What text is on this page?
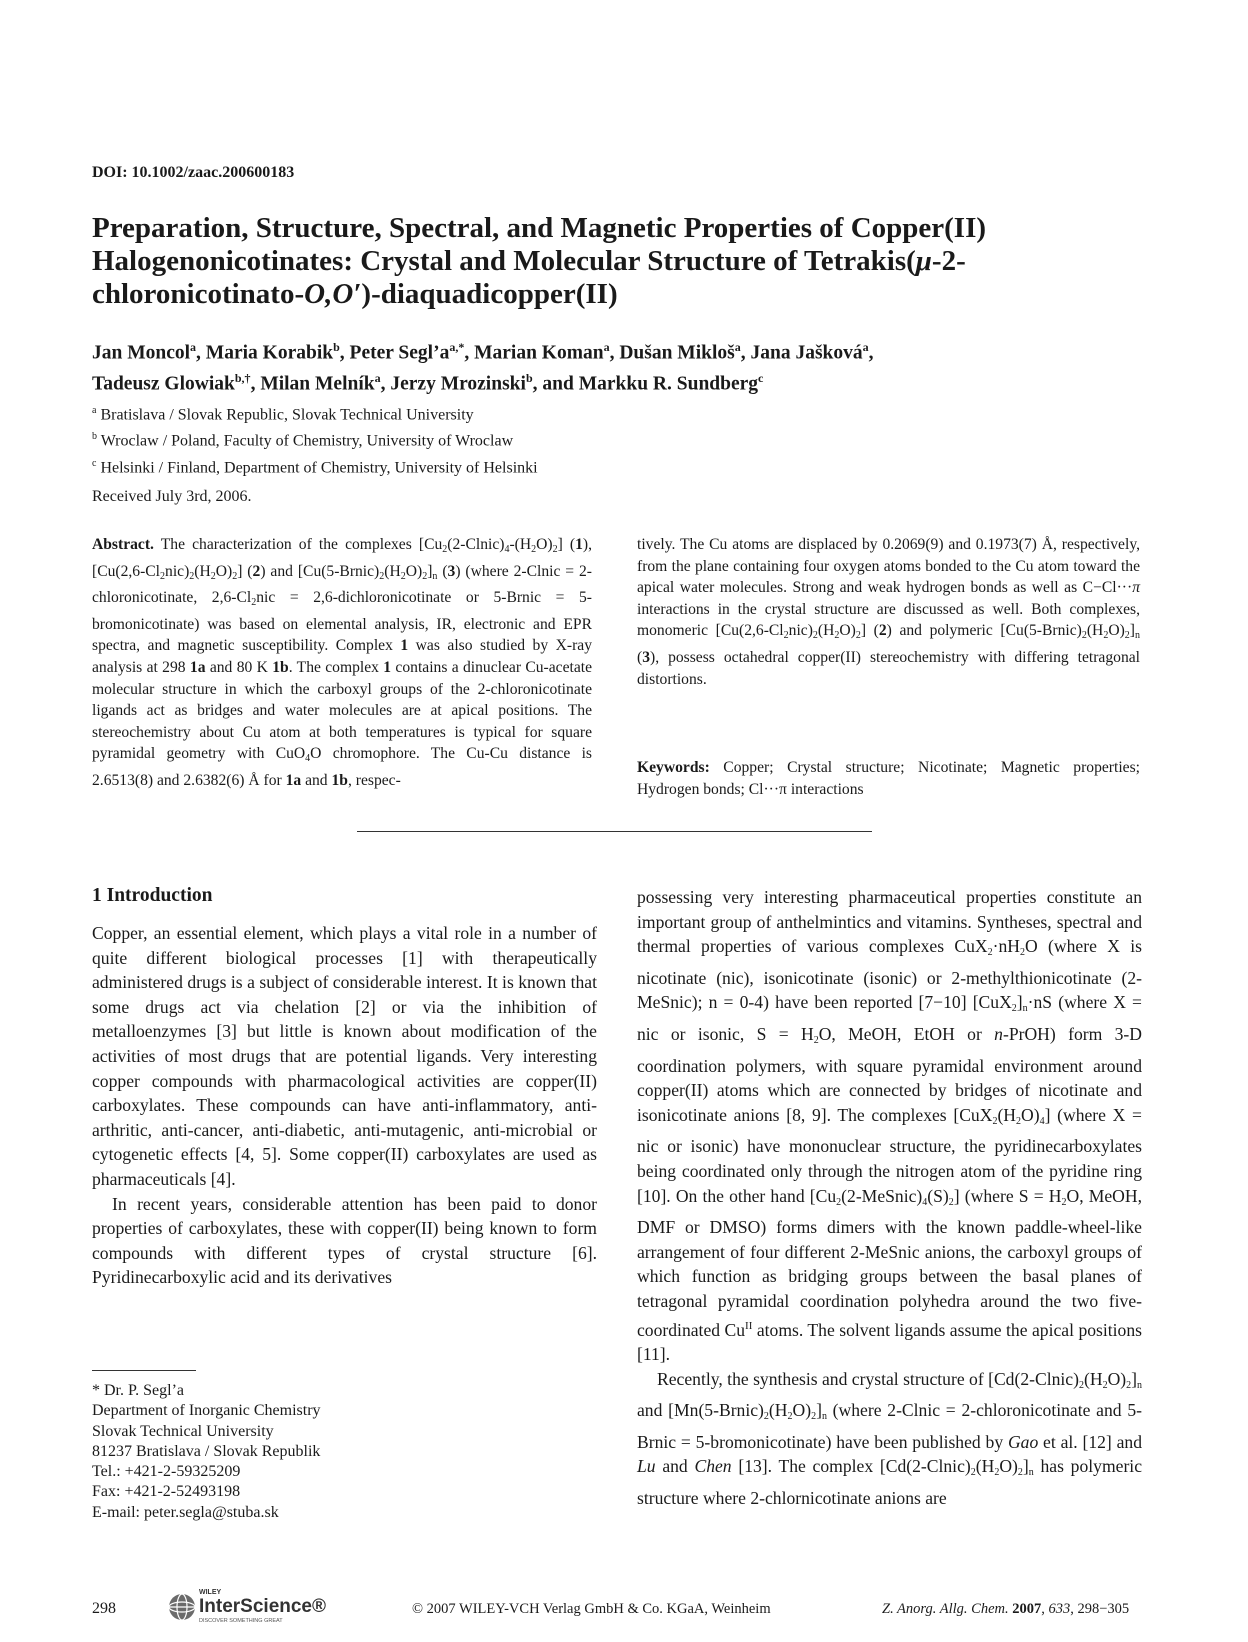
DOI: 10.1002/zaac.200600183
Preparation, Structure, Spectral, and Magnetic Properties of Copper(II)
Halogenonicotinates: Crystal and Molecular Structure of Tetrakis(μ-2-
chloronicotinato-O,O′)-diaquadicopper(II)
Jan Moncol$^a$, Maria Korabik$^b$, Peter $Segl’a^{a,*}$, Marian Koman$^a$, Dušan Mikloš$^a$, Jana Jašková$^a$,
Tadeusz Glowiak$^{b,\dagger}$, Milan Melník$^a$, Jerzy Mrozinski$^b$, and Markku R. Sundberg$^c$
$^a$ Bratislava / Slovak Republic, Slovak Technical University
$^b$ Wroclaw / Poland, Faculty of Chemistry, University of Wroclaw
$^c$ Helsinki / Finland, Department of Chemistry, University of Helsinki
Received July 3rd, 2006.
Abstract. The characterization of the complexes $[Cu_2(2-Clnic)_4-(H_2O)_2]$ (1), $[Cu(2,6-Cl_2nic)_2(H_2O)_2]$ (2) and $[Cu(5-Brnic)_2(H_2O)_2]_n$ (3) (where 2-Clnic = 2-chloronicotinate, $2,6-Cl_2nic$ = 2,6-dichloronicotinate or 5-Brnic = 5-bromonicotinate) was based on elemental analysis, IR, electronic and EPR spectra, and magnetic susceptibility. Complex 1 was also studied by X-ray analysis at 298 1a and 80 K 1b. The complex 1 contains a dinuclear Cu-acetate molecular structure in which the carboxyl groups of the 2-chloronicotinate ligands act as bridges and water molecules are at apical positions. The stereochemistry about Cu atom at both temperatures is typical for square pyramidal geometry with CuO$_4$O chromophore. The Cu-Cu distance is 2.6513(8) and 2.6382(6) Å for 1a and 1b, respec-
tively. The Cu atoms are displaced by 0.2069(9) and 0.1973(7) Å, respectively, from the plane containing four oxygen atoms bonded to the Cu atom toward the apical water molecules. Strong and weak hydrogen bonds as well as C−Cl···π interactions in the crystal structure are discussed as well. Both complexes, monomeric $[Cu(2,6-Cl_2nic)_2(H_2O)_2]$ (2) and polymeric $[Cu(5-Brnic)_2(H_2O)_2]_n$ (3), possess octahedral copper(II) stereochemistry with differing tetragonal distortions.
Keywords: Copper; Crystal structure; Nicotinate; Magnetic properties; Hydrogen bonds; Cl···π interactions
1 Introduction

Copper, an essential element, which plays a vital role in a number of quite different biological processes [1] with therapeutically administered drugs is a subject of considerable interest. It is known that some drugs act via chelation [2] or via the inhibition of metalloenzymes [3] but little is known about modification of the activities of most drugs that are potential ligands. Very interesting copper compounds with pharmacological activities are copper(II) carboxylates. These compounds can have anti-inflammatory, anti-arthritic, anti-cancer, anti-diabetic, anti-mutagenic, anti-microbial or cytogenetic effects [4, 5]. Some copper(II) carboxylates are used as pharmaceuticals [4].

In recent years, considerable attention has been paid to donor properties of carboxylates, these with copper(II) being known to form compounds with different types of crystal structure [6]. Pyridinecarboxylic acid and its derivatives

possessing very interesting pharmaceutical properties constitute an important group of anthelmintics and vitamins. Syntheses, spectral and thermal properties of various complexes $CuX_2\cdot nH_2O$ (where X is nicotinate (nic), isonicotinate (isonic) or 2-methylthionicotinate (2-MeSnic); n = 0-4) have been reported [7−10] $[CuX_2]_n\cdot nS$ (where X = nic or isonic, $S = H_2O$, MeOH, EtOH or n-PrOH) form 3-D coordination polymers, with square pyramidal environment around copper(II) atoms which are connected by bridges of nicotinate and isonicotinate anions [8, 9]. The complexes $[CuX_2(H_2O)_4]$ (where X = nic or isonic) have mononuclear structure, the pyridinecarboxylates being coordinated only through the nitrogen atom of the pyridine ring [10]. On the other hand $[Cu_2(2-MeSnic)_4(S)_2]$ (where $S = H_2O$, MeOH, DMF or DMSO) forms dimers with the known paddle-wheel-like arrangement of four different 2-MeSnic anions, the carboxyl groups of which function as bridging groups between the basal planes of tetragonal pyramidal coordination polyhedra around the two five-coordinated $Cu^{II}$ atoms. The solvent ligands assume the apical positions [11].

Recently, the synthesis and crystal structure of $[Cd(2-Clnic)_2(H_2O)_2]_n$ and $[Mn(5-Brnic)_2(H_2O)_2]_n$ (where 2-Clnic = 2-chloronicotinate and 5-Brnic = 5-bromonicotinate) have been published by Gao et al. [12] and Lu and Chen [13]. The complex $[Cd(2-Clnic)_2(H_2O)_2]_n$ has polymeric structure where 2-chlornicotinate anions are

* Dr. P. Segl’a
Department of Inorganic Chemistry
Slovak Technical University
81237 Bratislava / Slovak Republik
Tel.: +421-2-59325209
Fax: +421-2-52493198
E-mail: peter.segla@stuba.sk
298
WILEY
InterScience®
DISCOVER SOMETHING GREAT
© 2007 WILEY-VCH Verlag GmbH & Co. KGaA, Weinheim	Z. Anorg. Allg. Chem. 2007, 633, 298−305
